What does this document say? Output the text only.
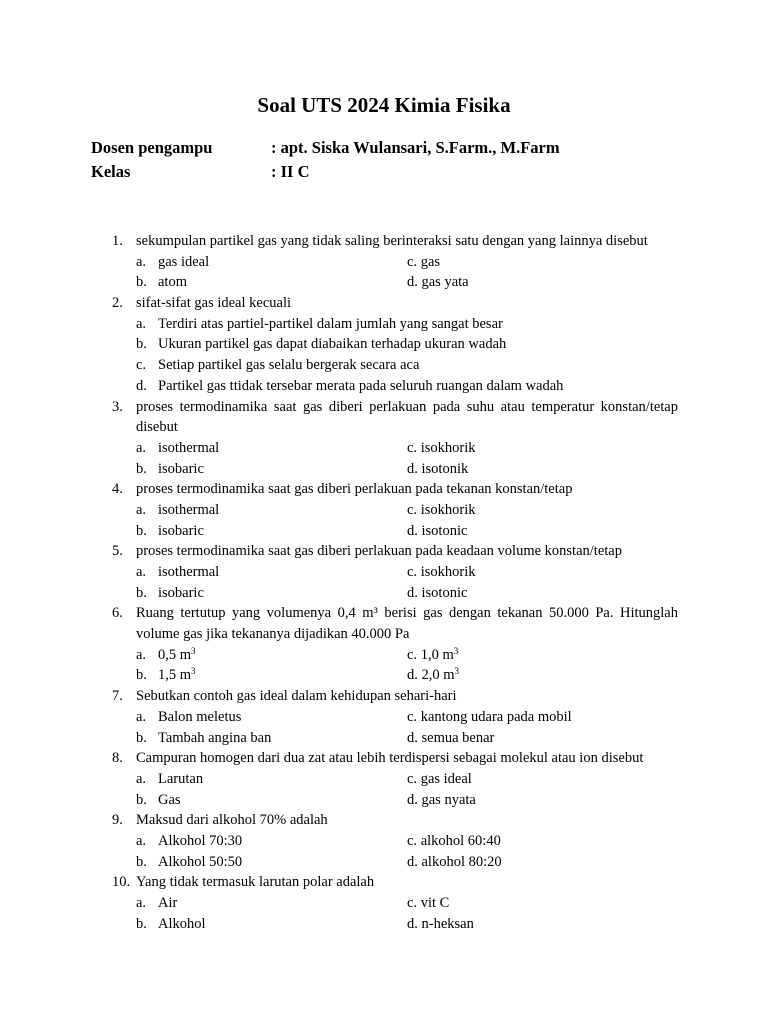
Soal UTS 2024 Kimia Fisika
Dosen pengampu	: apt. Siska Wulansari, S.Farm., M.Farm
Kelas	: II C
1. sekumpulan partikel gas yang tidak saling berinteraksi satu dengan yang lainnya disebut
a. gas ideal	c. gas
b. atom	d. gas yata
2. sifat-sifat gas ideal kecuali
a. Terdiri atas partiel-partikel dalam jumlah yang sangat besar
b. Ukuran partikel gas dapat diabaikan terhadap ukuran wadah
c. Setiap partikel gas selalu bergerak secara aca
d. Partikel gas ttidak tersebar merata pada seluruh ruangan dalam wadah
3. proses termodinamika saat gas diberi perlakuan pada suhu atau temperatur konstan/tetap
disebut
a. isothermal	c. isokhorik
b. isobaric	d. isotonik
4. proses termodinamika saat gas diberi perlakuan pada tekanan konstan/tetap
a. isothermal	c. isokhorik
b. isobaric	d. isotonic
5. proses termodinamika saat gas diberi perlakuan pada keadaan volume konstan/tetap
a. isothermal	c. isokhorik
b. isobaric	d. isotonic
6. Ruang tertutup yang volumenya 0,4 m³ berisi gas dengan tekanan 50.000 Pa. Hitunglah
volume gas jika tekananya dijadikan 40.000 Pa
a. 0,5 $m^3$	c. 1,0 $m^3$
b. 1,5 $m^3$	d. 2,0 $m^3$
7. Sebutkan contoh gas ideal dalam kehidupan sehari-hari
a. Balon meletus	c. kantong udara pada mobil
b. Tambah angina ban	d. semua benar
8. Campuran homogen dari dua zat atau lebih terdispersi sebagai molekul atau ion disebut
a. Larutan	c. gas ideal
b. Gas	d. gas nyata
9. Maksud dari alkohol 70% adalah
a. Alkohol 70:30	c. alkohol 60:40
b. Alkohol 50:50	d. alkohol 80:20
10. Yang tidak termasuk larutan polar adalah
a. Air	c. vit C
b. Alkohol	d. n-heksan
